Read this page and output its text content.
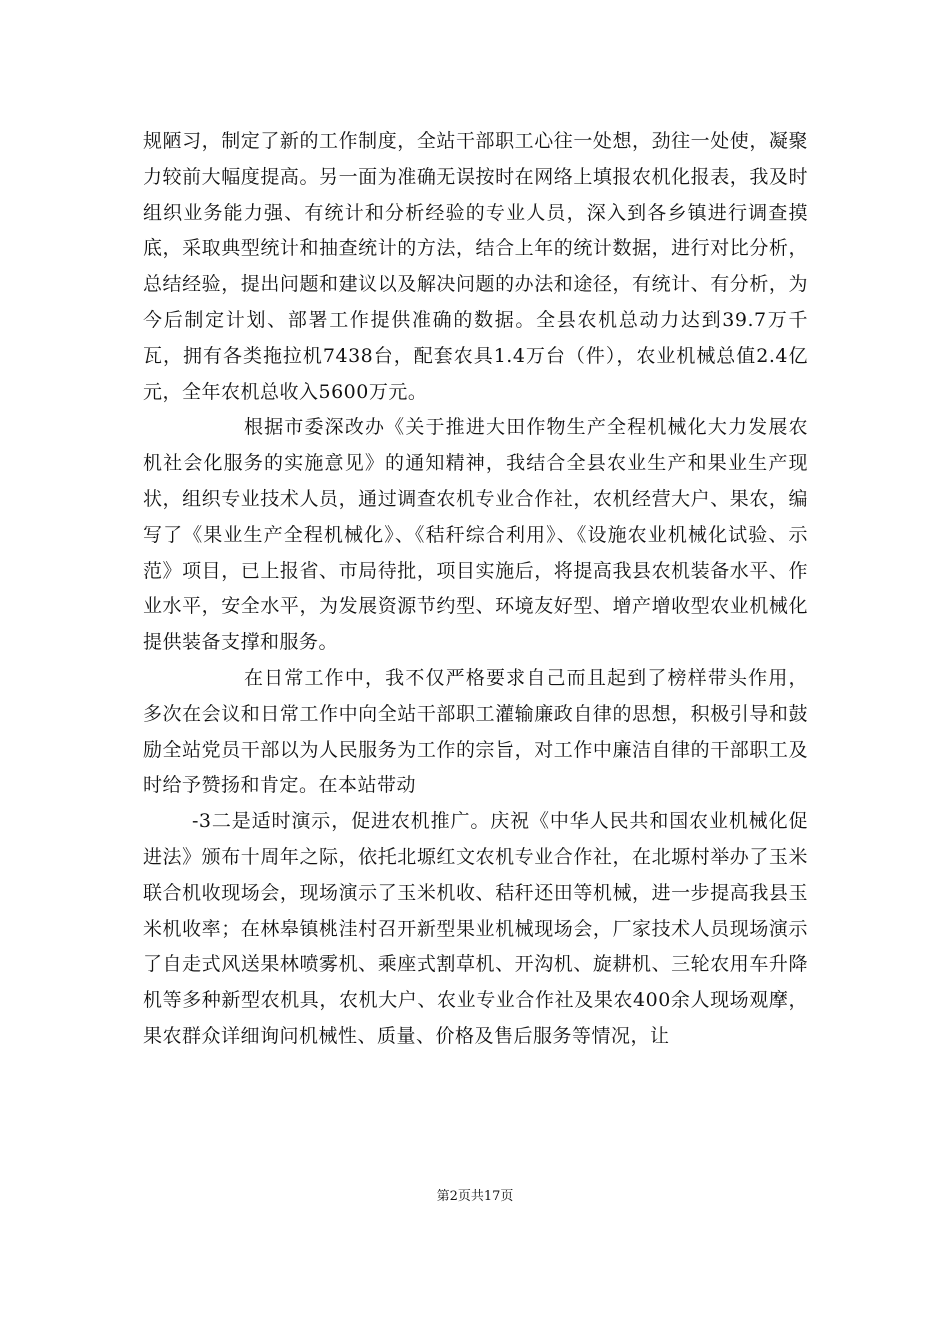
规陋习，制定了新的工作制度，全站干部职工心往一处想，劲往一处使，凝聚力较前大幅度提高。另一面为准确无误按时在网络上填报农机化报表，我及时组织业务能力强、有统计和分析经验的专业人员，深入到各乡镇进行调查摸底，采取典型统计和抽查统计的方法，结合上年的统计数据，进行对比分析，总结经验，提出问题和建议以及解决问题的办法和途径，有统计、有分析，为今后制定计划、部署工作提供准确的数据。全县农机总动力达到39.7万千瓦，拥有各类拖拉机7438台，配套农具1.4万台（件），农业机械总值2.4亿元，全年农机总收入5600万元。

根据市委深改办《关于推进大田作物生产全程机械化大力发展农机社会化服务的实施意见》的通知精神，我结合全县农业生产和果业生产现状，组织专业技术人员，通过调查农机专业合作社，农机经营大户、果农，编写了《果业生产全程机械化》、《秸秆综合利用》、《设施农业机械化试验、示范》项目，已上报省、市局待批，项目实施后，将提高我县农机装备水平、作业水平，安全水平，为发展资源节约型、环境友好型、增产增收型农业机械化提供装备支撑和服务。

在日常工作中，我不仅严格要求自己而且起到了榜样带头作用，多次在会议和日常工作中向全站干部职工灌输廉政自律的思想，积极引导和鼓励全站党员干部以为人民服务为工作的宗旨，对工作中廉洁自律的干部职工及时给予赞扬和肯定。在本站带动

-3二是适时演示，促进农机推广。庆祝《中华人民共和国农业机械化促进法》颁布十周年之际，依托北塬红文农机专业合作社，在北塬村举办了玉米联合机收现场会，现场演示了玉米机收、秸秆还田等机械，进一步提高我县玉米机收率；在林皋镇桃洼村召开新型果业机械现场会，厂家技术人员现场演示了自走式风送果林喷雾机、乘座式割草机、开沟机、旋耕机、三轮农用车升降机等多种新型农机具，农机大户、农业专业合作社及果农400余人现场观摩，果农群众详细询问机械性、质量、价格及售后服务等情况，让

第2页共17页
